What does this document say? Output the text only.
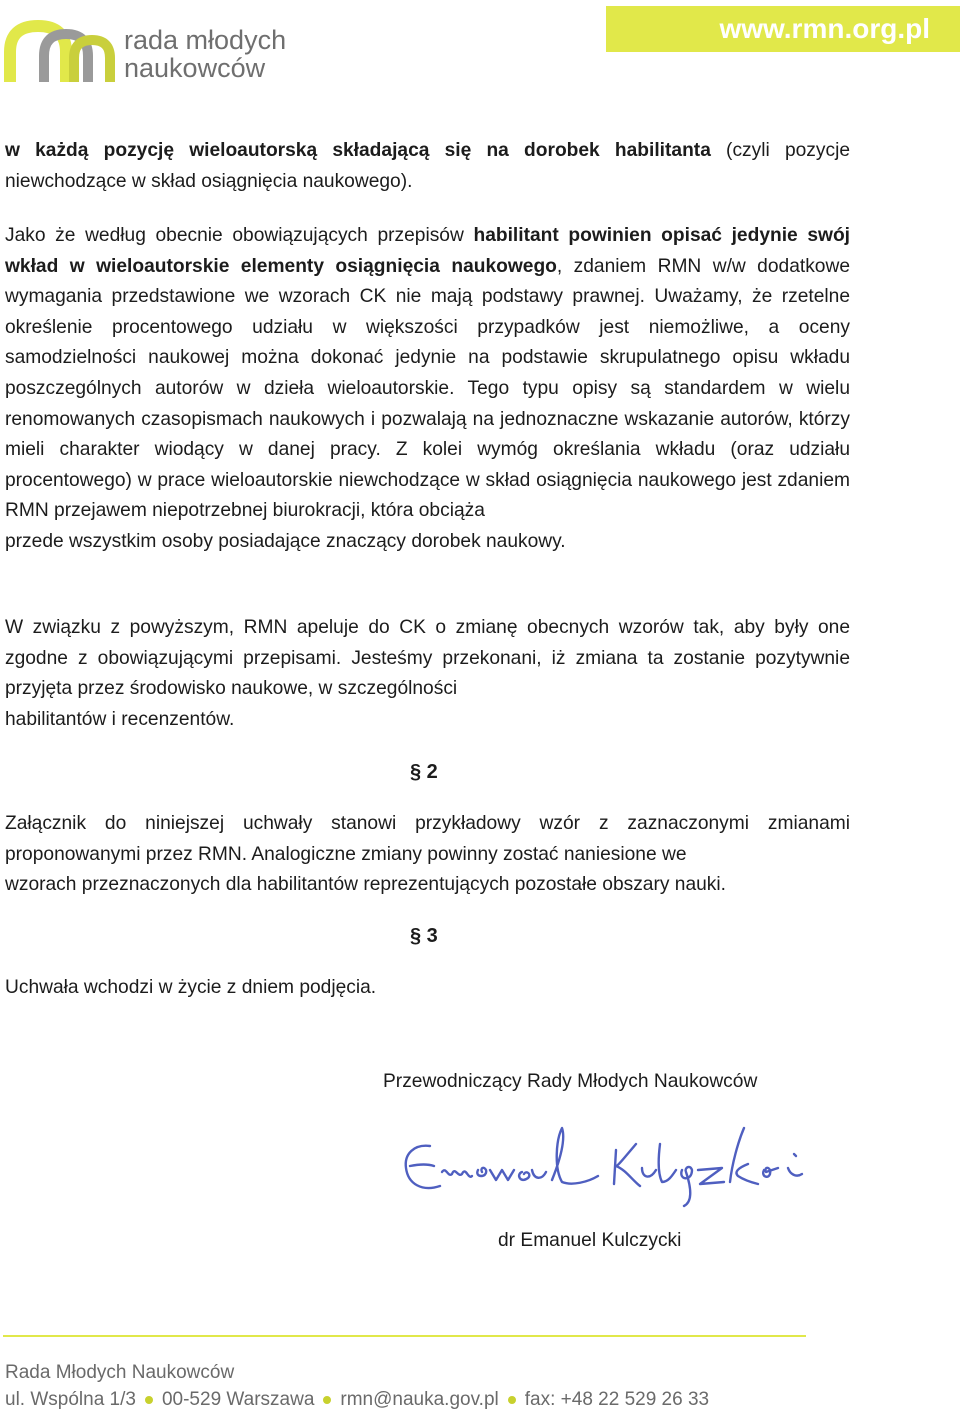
rada młodych
naukowców
www.rmn.org.pl

w każdą pozycję wieloautorską składającą się na dorobek habilitanta (czyli pozycje niewchodzące w skład osiągnięcia naukowego).

Jako że według obecnie obowiązujących przepisów habilitant powinien opisać jedynie swój wkład w wieloautorskie elementy osiągnięcia naukowego, zdaniem RMN w/w dodatkowe wymagania przedstawione we wzorach CK nie mają podstawy prawnej. Uważamy, że rzetelne określenie procentowego udziału w większości przypadków jest niemożliwe, a oceny samodzielności naukowej można dokonać jedynie na podstawie skrupulatnego opisu wkładu poszczególnych autorów w dzieła wieloautorskie. Tego typu opisy są standardem w wielu renomowanych czasopismach naukowych i pozwalają na jednoznaczne wskazanie autorów, którzy mieli charakter wiodący w danej pracy. Z kolei wymóg określania wkładu (oraz udziału procentowego) w prace wieloautorskie niewchodzące w skład osiągnięcia naukowego jest zdaniem RMN przejawem niepotrzebnej biurokracji, która obciąża
przede wszystkim osoby posiadające znaczący dorobek naukowy.

W związku z powyższym, RMN apeluje do CK o zmianę obecnych wzorów tak, aby były one zgodne z obowiązującymi przepisami. Jesteśmy przekonani, iż zmiana ta zostanie pozytywnie przyjęta przez środowisko naukowe, w szczególności
habilitantów i recenzentów.

§ 2

Załącznik do niniejszej uchwały stanowi przykładowy wzór z zaznaczonymi zmianami proponowanymi przez RMN. Analogiczne zmiany powinny zostać naniesione we
wzorach przeznaczonych dla habilitantów reprezentujących pozostałe obszary nauki.

§ 3
Uchwała wchodzi w życie z dniem podjęcia.
Przewodniczący Rady Młodych Naukowców
dr Emanuel Kulczycki
Rada Młodych Naukowców
ul. Wspólna 1/3 00-529 Warszawa rmn@nauka.gov.pl fax: +48 22 529 26 33
